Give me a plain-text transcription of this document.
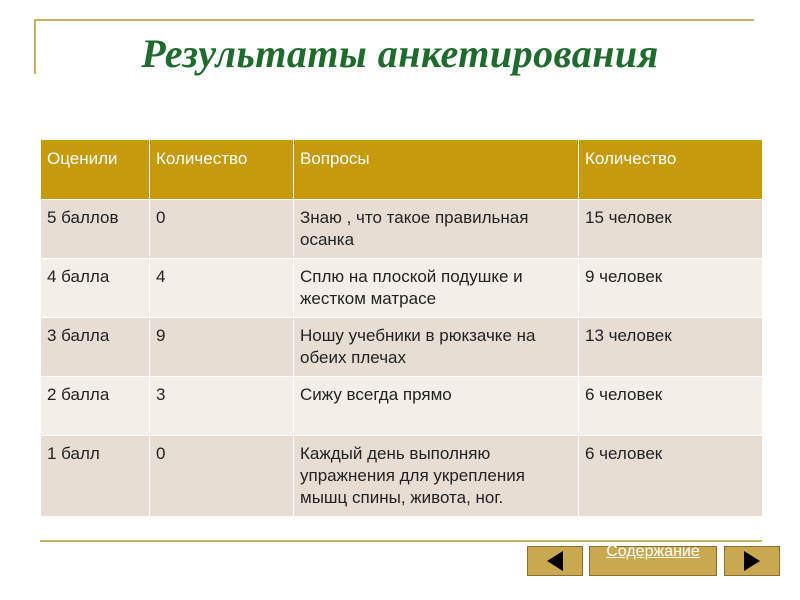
Результаты анкетирования
Оценили	Количество	Вопросы	Количество
5 баллов	0	Знаю , что такое правильная осанка	15 человек
4 балла	4	Сплю на плоской подушке и жестком матрасе	9 человек
3 балла	9	Ношу учебники в рюкзачке на обеих плечах	13 человек
2 балла	3	Сижу всегда прямо	6 человек
1 балл	0	Каждый день выполняю упражнения для укрепления мышц спины, живота, ног.	6 человек
Содержание
